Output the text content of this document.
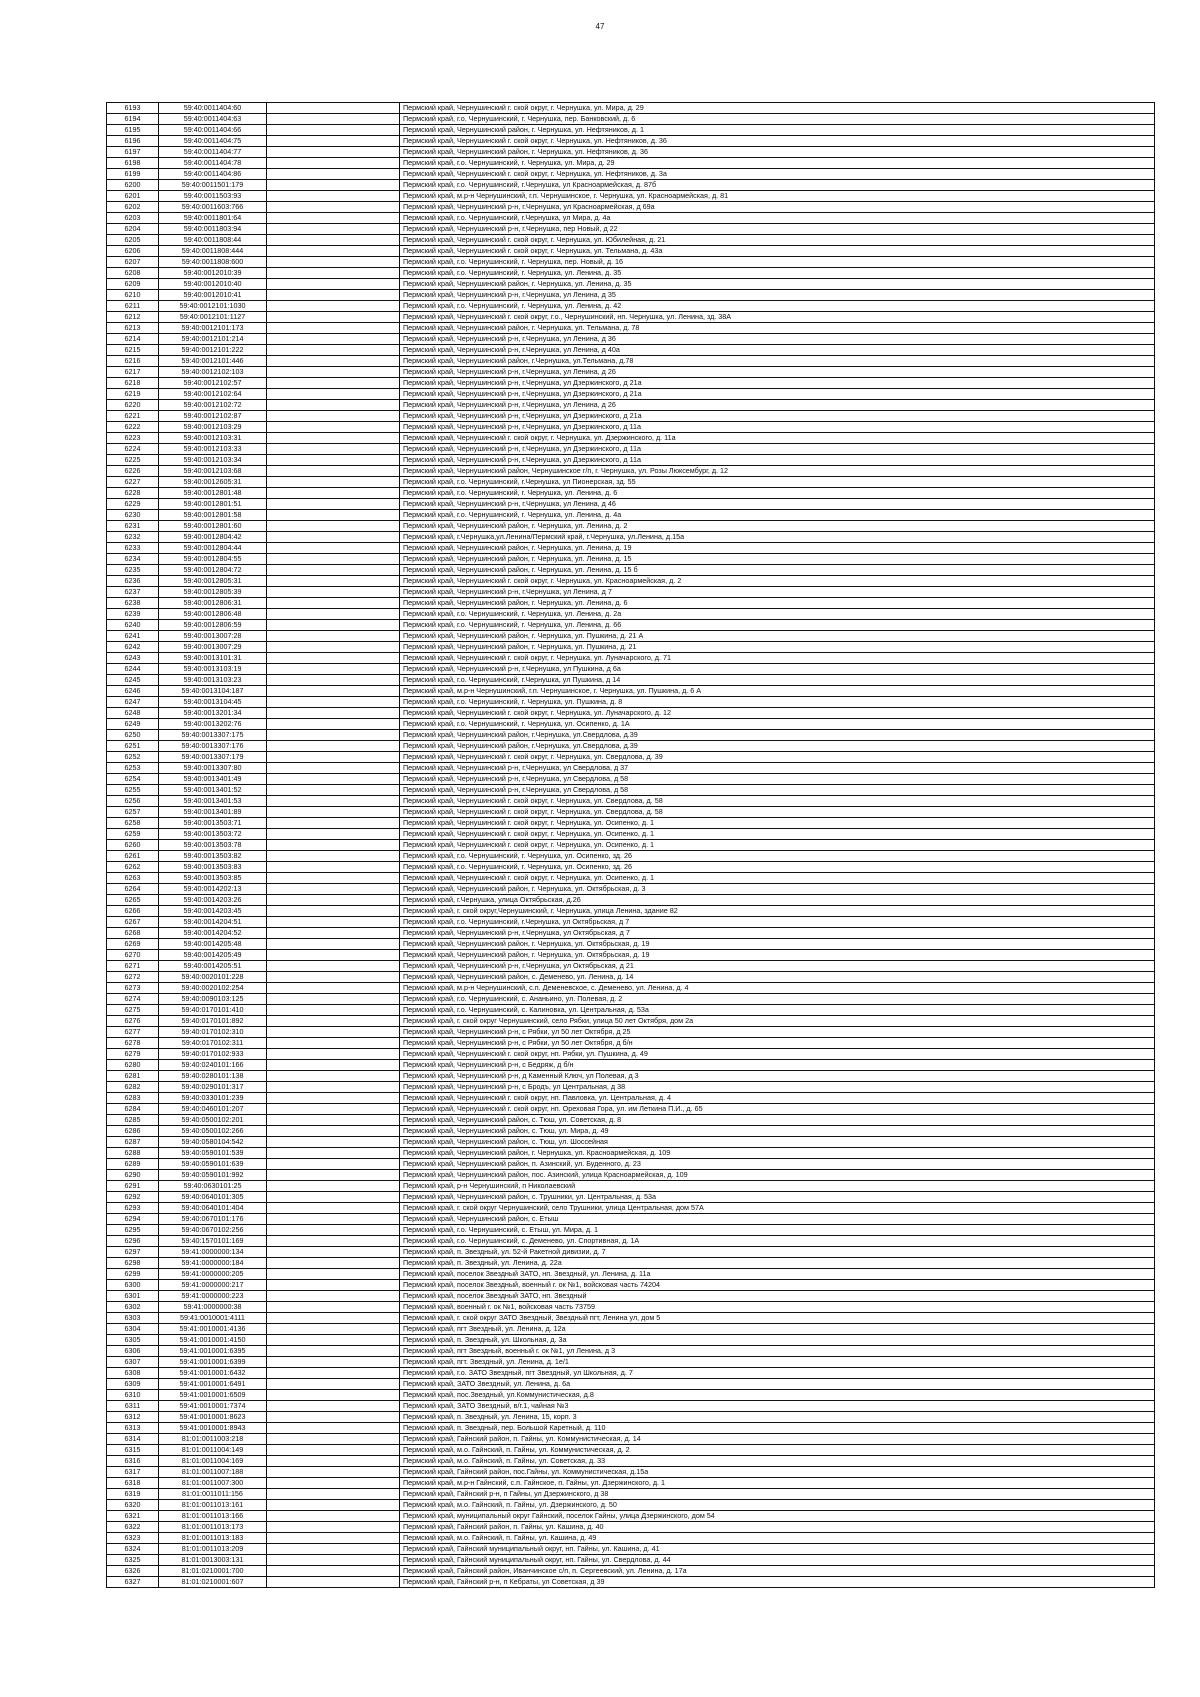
47
6193	59:40:0011404:60		Пермский край, Чернушинский г. ской округ, г. Чернушка, ул. Мира, д. 29
6194	59:40:0011404:63		Пермский край, г.о. Чернушинский, г. Чернушка, пер. Банковский, д. 6
6195	59:40:0011404:66		Пермский край, Чернушинский район, г. Чернушка, ул. Нефтяников, д. 1
6196	59:40:0011404:75		Пермский край, Чернушинский г. ской округ, г. Чернушка, ул. Нефтяников, д. 36
6197	59:40:0011404:77		Пермский край, Чернушинский район, г. Чернушка, ул. Нефтяников, д. 36
6198	59:40:0011404:78		Пермский край, г.о. Чернушинский, г. Чернушка, ул. Мира, д. 29
6199	59:40:0011404:86		Пермский край, Чернушинский г. ской округ, г. Чернушка, ул. Нефтяников, д. 3а
6200	59:40:0011501:179		Пермский край, г.о. Чернушинский, г.Чернушка, ул Красноармейская, д. 87б
6201	59:40:0011503:93		Пермский край, м.р-н Чернушинский, г.п. Чернушинское, г. Чернушка, ул. Красноармейская, д. 81
6202	59:40:0011603:766		Пермский край, Чернушинский р-н, г.Чернушка, ул Красноармейская, д 69а
6203	59:40:0011801:64		Пермский край, г.о. Чернушинский, г.Чернушка, ул Мира, д. 4а
6204	59:40:0011803:94		Пермский край, Чернушинский р-н, г.Чернушка, пер Новый, д 22
6205	59:40:0011808:44		Пермский край, Чернушинский г. ской округ, г. Чернушка, ул. Юбилейная, д. 21
6206	59:40:0011808:444		Пермский край, Чернушинский г. ской округ, г. Чернушка, ул. Тельмана, д. 43а
6207	59:40:0011808:600		Пермский край, г.о. Чернушинский, г. Чернушка, пер. Новый, д. 16
6208	59:40:0012010:39		Пермский край, г.о. Чернушинский, г. Чернушка, ул. Ленина, д. 35
6209	59:40:0012010:40		Пермский край, Чернушинский район, г. Чернушка, ул. Ленина, д. 35
6210	59:40:0012010:41		Пермский край, Чернушинский р-н, г.Чернушка, ул Ленина, д 35
6211	59:40:0012101:1030		Пермский край, г.о. Чернушинский, г. Чернушка, ул. Ленина, д. 42
6212	59:40:0012101:1127		Пермский край, Чернушинский г. ской округ, г.о., Чернушинский, нп. Чернушка, ул. Ленина, зд. 38А
6213	59:40:0012101:173		Пермский край, Чернушинский район, г. Чернушка, ул. Тельмана, д. 78
6214	59:40:0012101:214		Пермский край, Чернушинский р-н, г.Чернушка, ул Ленина, д 36
6215	59:40:0012101:222		Пермский край, Чернушинский р-н, г.Чернушка, ул Ленина, д 40а
6216	59:40:0012101:446		Пермский край, Чернушинский район, г.Чернушка, ул.Тельмана, д.78
6217	59:40:0012102:103		Пермский край, Чернушинский р-н, г.Чернушка, ул Ленина, д 26
6218	59:40:0012102:57		Пермский край, Чернушинский р-н, г.Чернушка, ул Дзержинского, д 21а
6219	59:40:0012102:64		Пермский край, Чернушинский р-н, г.Чернушка, ул Дзержинского, д 21а
6220	59:40:0012102:72		Пермский край, Чернушинский р-н, г.Чернушка, ул Ленина, д 26
6221	59:40:0012102:87		Пермский край, Чернушинский р-н, г.Чернушка, ул Дзержинского, д 21а
6222	59:40:0012103:29		Пермский край, Чернушинский р-н, г.Чернушка, ул Дзержинского, д 11а
6223	59:40:0012103:31		Пермский край, Чернушинский г. ской округ, г. Чернушка, ул. Дзержинского, д. 11а
6224	59:40:0012103:33		Пермский край, Чернушинский р-н, г.Чернушка, ул Дзержинского, д 11а
6225	59:40:0012103:34		Пермский край, Чернушинский р-н, г.Чернушка, ул Дзержинского, д 11а
6226	59:40:0012103:68		Пермский край, Чернушинский район, Чернушинское г/п, г. Чернушка, ул. Розы Люксембург, д. 12
6227	59:40:0012605:31		Пермский край, г.о. Чернушинский, г.Чернушка, ул Пионерская, зд. 55
6228	59:40:0012801:48		Пермский край, г.о. Чернушинский, г. Чернушка, ул. Ленина, д. 6
6229	59:40:0012801:51		Пермский край, Чернушинский р-н, г.Чернушка, ул Ленина, д 46
6230	59:40:0012801:58		Пермский край, г.о. Чернушинский, г. Чернушка, ул. Ленина, д. 4а
6231	59:40:0012801:60		Пермский край, Чернушинский район, г. Чернушка, ул. Ленина, д. 2
6232	59:40:0012804:42		Пермский край, г.Чернушка,ул.Ленина/Пермский край, г.Чернушка, ул.Ленина, д.15а
6233	59:40:0012804:44		Пермский край, Чернушинский район, г. Чернушка, ул. Ленина, д. 19
6234	59:40:0012804:55		Пермский край, Чернушинский район, г. Чернушка, ул. Ленина, д. 15
6235	59:40:0012804:72		Пермский край, Чернушинский район, г. Чернушка, ул. Ленина, д. 15 б
6236	59:40:0012805:31		Пермский край, Чернушинский г. ской округ, г. Чернушка, ул. Красноармейская, д. 2
6237	59:40:0012805:39		Пермский край, Чернушинский р-н, г.Чернушка, ул Ленина, д 7
6238	59:40:0012806:31		Пермский край, Чернушинский район, г. Чернушка, ул. Ленина, д. 6
6239	59:40:0012806:48		Пермский край, г.о. Чернушинский, г. Чернушка, ул. Ленина, д. 2а
6240	59:40:0012806:59		Пермский край, г.о. Чернушинский, г. Чернушка, ул. Ленина, д. 66
6241	59:40:0013007:28		Пермский край, Чернушинский район, г. Чернушка, ул. Пушкина, д. 21 А
6242	59:40:0013007:29		Пермский край, Чернушинский район, г. Чернушка, ул. Пушкина, д. 21
6243	59:40:0013101:31		Пермский край, Чернушинский г. ской округ, г. Чернушка, ул. Луначарского, д. 71
6244	59:40:0013103:19		Пермский край, Чернушинский р-н, г.Чернушка, ул Пушкина, д 6а
6245	59:40:0013103:23		Пермский край, г.о. Чернушинский, г.Чернушка, ул Пушкина, д 14
6246	59:40:0013104:187		Пермский край, м.р-н Чернушинский, г.п. Чернушинское, г. Чернушка, ул. Пушкина, д. 6 А
6247	59:40:0013104:45		Пермский край, г.о. Чернушинский, г. Чернушка, ул. Пушкина, д. 8
6248	59:40:0013201:34		Пермский край, Чернушинский г. ской округ, г. Чернушка, ул. Луначарского, д. 12
6249	59:40:0013202:76		Пермский край, г.о. Чернушинский, г. Чернушка, ул. Осипенко, д. 1А
6250	59:40:0013307:175		Пермский край, Чернушинский район, г.Чернушка, ул.Свердлова, д.39
6251	59:40:0013307:176		Пермский край, Чернушинский район, г.Чернушка, ул.Свердлова, д.39
6252	59:40:0013307:179		Пермский край, Чернушинский г. ской округ, г. Чернушка, ул. Свердлова, д. 39
6253	59:40:0013307:80		Пермский край, Чернушинский р-н, г.Чернушка, ул Свердлова, д 37
6254	59:40:0013401:49		Пермский край, Чернушинский р-н, г.Чернушка, ул Свердлова, д 58
6255	59:40:0013401:52		Пермский край, Чернушинский р-н, г.Чернушка, ул Свердлова, д 58
6256	59:40:0013401:53		Пермский край, Чернушинский г. ской округ, г. Чернушка, ул. Свердлова, д. 58
6257	59:40:0013401:89		Пермский край, Чернушинский г. ской округ, г. Чернушка, ул. Свердлова, д. 58
6258	59:40:0013503:71		Пермский край, Чернушинский г. ской округ, г. Чернушка, ул. Осипенко, д. 1
6259	59:40:0013503:72		Пермский край, Чернушинский г. ской округ, г. Чернушка, ул. Осипенко, д. 1
6260	59:40:0013503:78		Пермский край, Чернушинский г. ской округ, г. Чернушка, ул. Осипенко, д. 1
6261	59:40:0013503:82		Пермский край, г.о. Чернушинский, г. Чернушка, ул. Осипенко, зд. 26
6262	59:40:0013503:83		Пермский край, г.о. Чернушинский, г. Чернушка, ул. Осипенко, зд. 26
6263	59:40:0013503:85		Пермский край, Чернушинский г. ской округ, г. Чернушка, ул. Осипенко, д. 1
6264	59:40:0014202:13		Пермский край, Чернушинский район, г. Чернушка, ул. Октябрьская, д. 3
6265	59:40:0014203:26		Пермский край, г.Чернушка, улица Октябрьская, д.26
6266	59:40:0014203:45		Пермский край, г. ской округ,Чернушинский, г. Чернушка, улица Ленина, здание 82
6267	59:40:0014204:51		Пермский край, г.о. Чернушинский, г.Чернушка, ул Октябрьская, д 7
6268	59:40:0014204:52		Пермский край, Чернушинский р-н, г.Чернушка, ул Октябрьская, д 7
6269	59:40:0014205:48		Пермский край, Чернушинский район, г. Чернушка, ул. Октябрьская, д. 19
6270	59:40:0014205:49		Пермский край, Чернушинский район, г. Чернушка, ул. Октябрьская, д. 19
6271	59:40:0014205:51		Пермский край, Чернушинский р-н, г.Чернушка, ул Октябрьская, д 21
6272	59:40:0020101:228		Пермский край, Чернушинский район, с. Деменево, ул. Ленина, д. 14
6273	59:40:0020102:254		Пермский край, м.р-н Чернушинский, с.п. Деменевское, с. Деменево, ул. Ленина, д. 4
6274	59:40:0090103:125		Пермский край, г.о. Чернушинский, с. Ананьино, ул. Полевая, д. 2
6275	59:40:0170101:410		Пермский край, г.о. Чернушинский, с. Калиновка, ул. Центральная, д. 53а
6276	59:40:0170101:892		Пермский край, г. ской округ Чернушинский, село Рябки, улица 50 лет Октября, дом 2а
6277	59:40:0170102:310		Пермский край, Чернушинский р-н, с Рябки, ул 50 лет Октября, д 25
6278	59:40:0170102:311		Пермский край, Чернушинский р-н, с Рябки, ул 50 лет Октября, д б/н
6279	59:40:0170102:933		Пермский край, Чернушинский г. ской округ, нп. Рябки, ул. Пушкина, д. 49
6280	59:40:0240101:166		Пермский край, Чернушинский р-н, с Бедряж, д б/н
6281	59:40:0280101:138		Пермский край, Чернушинский р-н, д Каменный Ключ, ул Полевая, д 3
6282	59:40:0290101:317		Пермский край, Чернушинский р-н, с Бродъ, ул Центральная, д 38
6283	59:40:0330101:239		Пермский край, Чернушинский г. ской округ, нп. Павловка, ул. Центральная, д. 4
6284	59:40:0460101:207		Пермский край, Чернушинский г. ской округ, нп. Ореховая Гора, ул. им Леткина П.И., д. 65
6285	59:40:0500102:201		Пермский край, Чернушинский район, с. Тюш, ул. Советская, д. 8
6286	59:40:0500102:266		Пермский край, Чернушинский район, с. Тюш, ул. Мира, д. 49
6287	59:40:0580104:542		Пермский край, Чернушинский район, с. Тюш, ул. Шоссейная
6288	59:40:0590101:539		Пермский край, Чернушинский район, г. Чернушка, ул. Красноармейская, д. 109
6289	59:40:0590101:639		Пермский край, Чернушинский район, п. Азинский, ул. Буденного, д. 23
6290	59:40:0590101:992		Пермский край, Чернушинский район, пос. Азинский, улица Красноармейская, д. 109
6291	59:40:0630101:25		Пермский край, р-н Чернушинский, п Николаевский
6292	59:40:0640101:305		Пермский край, Чернушинский район, с. Трушники, ул. Центральная, д. 53а
6293	59:40:0640101:404		Пермский край, г. ской округ Чернушинский, село Трушники, улица Центральная, дом 57А
6294	59:40:0670101:176		Пермский край, Чернушинский район, с. Етыш
6295	59:40:0670102:256		Пермский край, г.о. Чернушинский, с. Етыш, ул. Мира, д. 1
6296	59:40:1570101:169		Пермский край, г.о. Чернушинский, с. Деменево, ул. Спортивная, д. 1А
6297	59:41:0000000:134		Пермский край, п. Звездный, ул. 52-й Ракетной дивизии, д. 7
6298	59:41:0000000:184		Пермский край, п. Звездный, ул. Ленина, д. 22а
6299	59:41:0000000:205		Пермский край, поселок Звездный ЗАТО, нп. Звездный, ул. Ленина, д. 11а
6300	59:41:0000000:217		Пермский край, поселок Звездный, военный г. ок №1, войсковая часть 74204
6301	59:41:0000000:223		Пермский край, поселок Звездный ЗАТО, нп. Звездный
6302	59:41:0000000:38		Пермский край, военный г. ок №1, войсковая часть 73759
6303	59:41:0010001:4111		Пермский край, г. ской округ ЗАТО Звездный, Звездный пгт, Ленина ул, дом 5
6304	59:41:0010001:4136		Пермский край, пгт Звездный, ул. Ленина, д. 12а
6305	59:41:0010001:4150		Пермский край, п. Звездный, ул. Школьная, д. 3а
6306	59:41:0010001:6395		Пермский край, пгт Звездный, военный г. ок №1, ул Ленина, д 3
6307	59:41:0010001:6399		Пермский край, пгт. Звездный, ул. Ленина, д. 1е/1
6308	59:41:0010001:6432		Пермский край, г.о. ЗАТО Звездный, пгт Звездный, ул Школьная, д. 7
6309	59:41:0010001:6491		Пермский край, ЗАТО Звездный, ул. Ленина, д. 6а
6310	59:41:0010001:6509		Пермский край, пос.Звездный, ул.Коммунистическая, д.8
6311	59:41:0010001:7374		Пермский край, ЗАТО Звездный, в/г.1, чайная №3
6312	59:41:0010001:8623		Пермский край, п. Звездный, ул. Ленина, 15, корп. 3
6313	59:41:0010001:8943		Пермский край, п. Звездный, пер. Большой Каретный, д. 110
6314	81:01:0011003:218		Пермский край, Гайнский район, п. Гайны, ул. Коммунистическая, д. 14
6315	81:01:0011004:149		Пермский край, м.о. Гайнский, п. Гайны, ул. Коммунистическая, д. 2
6316	81:01:0011004:169		Пермский край, м.о. Гайнский, п. Гайны, ул. Советская, д. 33
6317	81:01:0011007:188		Пермский край, Гайнский район, пос.Гайны, ул. Коммунистическая, д.15а
6318	81:01:0011007:300		Пермский край, м.р-н Гайнский, с.п. Гайнское, п. Гайны, ул. Дзержинского, д. 1
6319	81:01:0011011:156		Пермский край, Гайнский р-н, п Гайны, ул Дзержинского, д 38
6320	81:01:0011013:161		Пермский край, м.о. Гайнский, п. Гайны, ул. Дзержинского, д. 50
6321	81:01:0011013:166		Пермский край, муниципальный округ Гайнский, поселок Гайны, улица Дзержинского, дом 54
6322	81:01:0011013:173		Пермский край, Гайнский район, п. Гайны, ул. Кашина, д. 40
6323	81:01:0011013:183		Пермский край, м.о. Гайнский, п. Гайны, ул. Кашина, д. 49
6324	81:01:0011013:209		Пермский край, Гайнский муниципальный округ, нп. Гайны, ул. Кашина, д. 41
6325	81:01:0013003:131		Пермский край, Гайнский муниципальный округ, нп. Гайны, ул. Свердлова, д. 44
6326	81:01:0210001:700		Пермский край, Гайнский район, Иванчинское с/п, п. Сергеевский, ул. Ленина, д. 17а
6327	81:01:0210001:607		Пермский край, Гайнский р-н, п Кебраты, ул Советская, д 39
